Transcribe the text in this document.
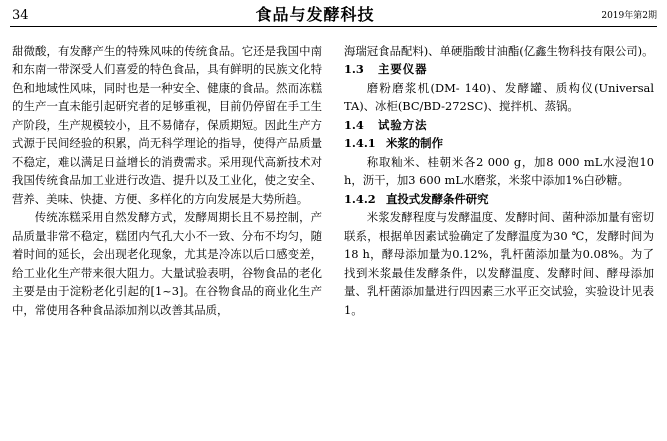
34	食品与发酵科技	2019年第2期

甜微酸，有发酵产生的特殊风味的传统食品。它还是我国中南和东南一带深受人们喜爱的特色食品，具有鲜明的民族文化特色和地域性风味，同时也是一种安全、健康的食品。然而冻糕的生产一直未能引起研究者的足够重视，目前仍停留在手工生产阶段，生产规模较小，且不易储存，保质期短。因此生产方式源于民间经验的积累，尚无科学理论的指导，使得产品质量不稳定，难以满足日益增长的消费需求。采用现代高新技术对我国传统食品加工业进行改造、提升以及工业化，使之安全、营养、美味、快捷、方便、多样化的方向发展是大势所趋。

传统冻糕采用自然发酵方式，发酵周期长且不易控制，产品质量非常不稳定，糕团内气孔大小不一致、分布不均匀，随着时间的延长，会出现老化现象，尤其是冷冻以后口感变差，给工业化生产带来很大阻力。大量试验表明，谷物食品的老化主要是由于淀粉老化引起的[1~3]。在谷物食品的商业化生产中，常使用各种食品添加剂以改善其品质，

海瑞冠食品配料)、单硬脂酸甘油酯(亿鑫生物科技有限公司)。

1.3	主要仪器

磨粉磨浆机(DM- 140)、发酵罐、质构仪(Universal TA)、冰柜(BC/BD-272SC)、搅拌机、蒸锅。

1.4	试验方法
1.4.1 米浆的制作

称取籼米、桂朝米各2 000 g，加8 000 mL水浸泡10 h，沥干，加3 600 mL水磨浆，米浆中添加1%白砂糖。

1.4.2 直投式发酵条件研究

米浆发酵程度与发酵温度、发酵时间、菌种添加量有密切联系，根据单因素试验确定了发酵温度为30 ℃，发酵时间为18 h，酵母添加量为0.12%，乳杆菌添加量为0.08%。为了找到米浆最佳发酵条件，以发酵温度、发酵时间、酵母添加量、乳杆菌添加量进行四因素三水平正交试验，实验设计见表1。
